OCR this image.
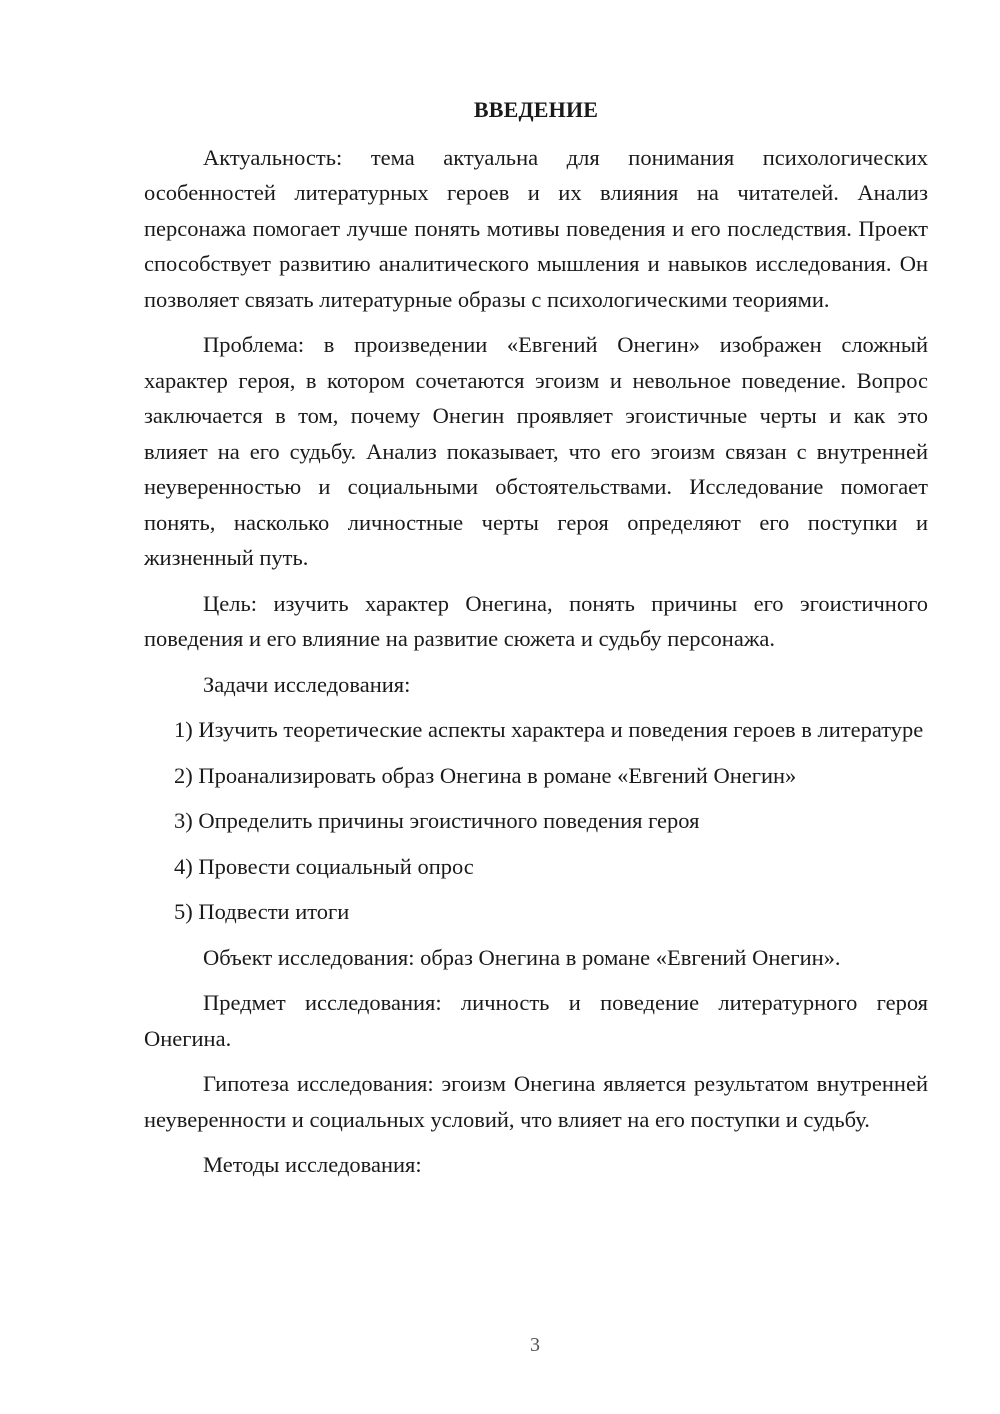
ВВЕДЕНИЕ

Актуальность: тема актуальна для понимания психологических особенностей литературных героев и их влияния на читателей. Анализ персонажа помогает лучше понять мотивы поведения и его последствия. Проект способствует развитию аналитического мышления и навыков исследования. Он позволяет связать литературные образы с психологическими теориями.

Проблема: в произведении «Евгений Онегин» изображен сложный характер героя, в котором сочетаются эгоизм и невольное поведение. Вопрос заключается в том, почему Онегин проявляет эгоистичные черты и как это влияет на его судьбу. Анализ показывает, что его эгоизм связан с внутренней неуверенностью и социальными обстоятельствами. Исследование помогает понять, насколько личностные черты героя определяют его поступки и жизненный путь.

Цель: изучить характер Онегина, понять причины его эгоистичного поведения и его влияние на развитие сюжета и судьбу персонажа.

Задачи исследования:

1) Изучить теоретические аспекты характера и поведения героев в литературе

2) Проанализировать образ Онегина в романе «Евгений Онегин»

3) Определить причины эгоистичного поведения героя

4) Провести социальный опрос

5) Подвести итоги

Объект исследования: образ Онегина в романе «Евгений Онегин».

Предмет исследования: личность и поведение литературного героя Онегина.

Гипотеза исследования: эгоизм Онегина является результатом внутренней неуверенности и социальных условий, что влияет на его поступки и судьбу.

Методы исследования:

3
